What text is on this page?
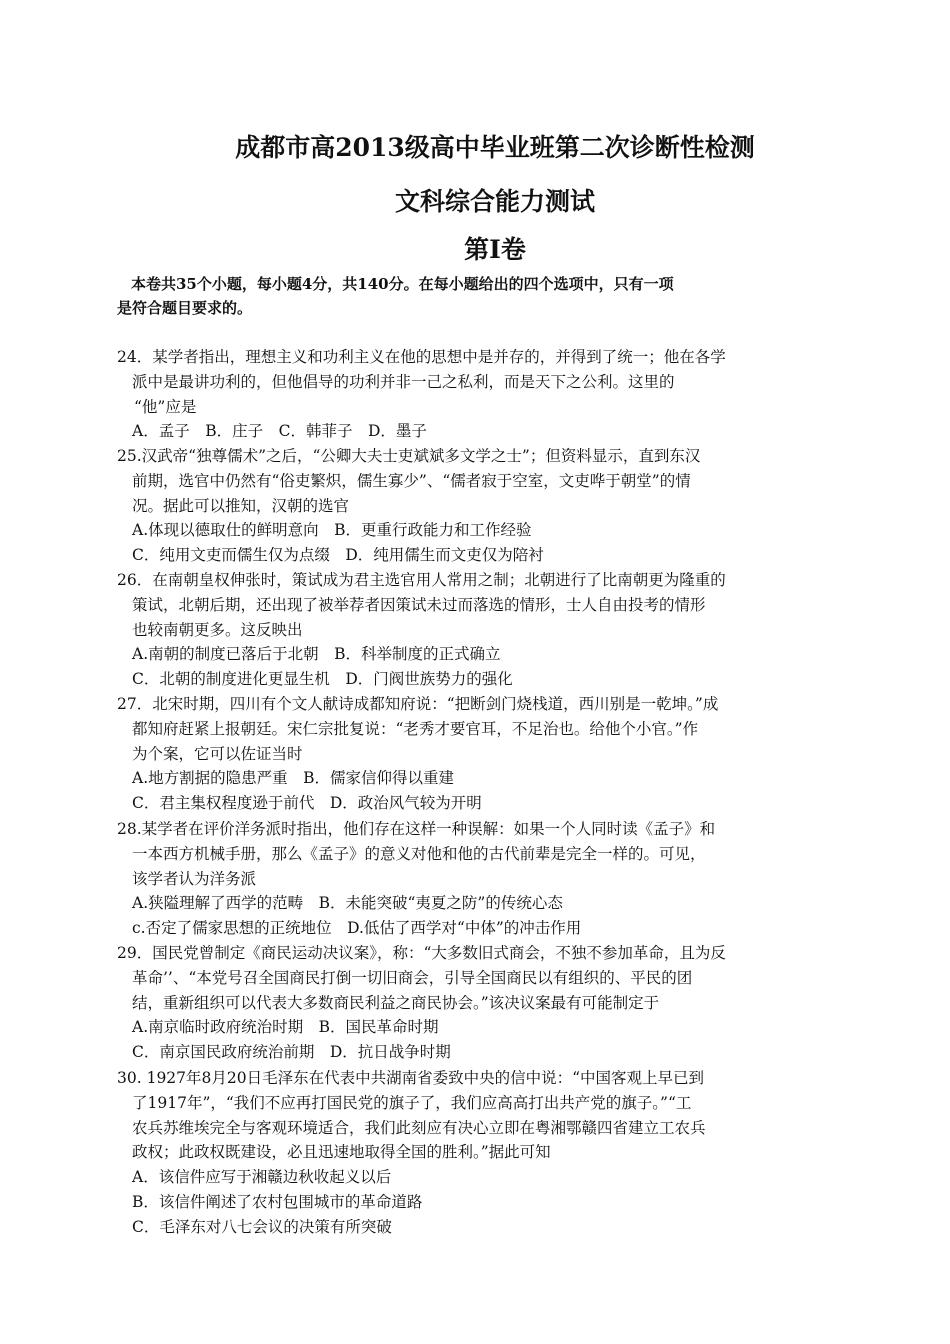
成都市高2013级高中毕业班第二次诊断性检测
文科综合能力测试
第I卷
本卷共35个小题，每小题4分，共140分。在每小题给出的四个选项中，只有一项
是符合题目要求的。
24．某学者指出，理想主义和功利主义在他的思想中是并存的，并得到了统一；他在各学
派中是最讲功利的，但他倡导的功利并非一己之私利，而是天下之公利。这里的
“他”应是
A．孟子　B．庄子　C．韩菲子　D．墨子
25.汉武帝“独尊儒术”之后，“公卿大夫士吏斌斌多文学之士”；但资料显示，直到东汉
前期，选官中仍然有“俗吏繁炽，儒生寡少”、“儒者寂于空室，文吏哗于朝堂”的情
况。据此可以推知，汉朝的选官
A.体现以德取仕的鲜明意向　B．更重行政能力和工作经验
C．纯用文吏而儒生仅为点缀　D．纯用儒生而文吏仅为陪衬
26．在南朝皇权伸张时，策试成为君主选官用人常用之制；北朝进行了比南朝更为隆重的
策试，北朝后期，还出现了被举荐者因策试未过而落选的情形，士人自由投考的情形
也较南朝更多。这反映出
A.南朝的制度已落后于北朝　B．科举制度的正式确立
C．北朝的制度进化更显生机　D．门阀世族势力的强化
27．北宋时期，四川有个文人献诗成都知府说：“把断剑门烧栈道，西川别是一乾坤。”成
都知府赶紧上报朝廷。宋仁宗批复说：“老秀才要官耳，不足治也。给他个小官。”作
为个案，它可以佐证当时
A.地方割据的隐患严重　B．儒家信仰得以重建
C．君主集权程度逊于前代　D．政治风气较为开明
28.某学者在评价洋务派时指出，他们存在这样一种误解：如果一个人同时读《孟子》和
一本西方机械手册，那么《孟子》的意义对他和他的古代前辈是完全一样的。可见，
该学者认为洋务派
A.狭隘理解了西学的范畴　B．未能突破“夷夏之防”的传统心态
c.否定了儒家思想的正统地位　D.低估了西学对“中体”的冲击作用
29．国民党曾制定《商民运动决议案》，称：“大多数旧式商会，不独不参加革命，且为反
革命’’、“本党号召全国商民打倒一切旧商会，引导全国商民以有组织的、平民的团
结，重新组织可以代表大多数商民利益之商民协会。”该决议案最有可能制定于
A.南京临时政府统治时期　B．国民革命时期
C．南京国民政府统治前期　D．抗日战争时期
30. 1927年8月20日毛泽东在代表中共湖南省委致中央的信中说：“中国客观上早已到
了1917年”，“我们不应再打国民党的旗子了，我们应高高打出共产党的旗子。”“工
农兵苏维埃完全与客观环境适合，我们此刻应有决心立即在粤湘鄂赣四省建立工农兵
政权；此政权既建设，必且迅速地取得全国的胜利。”据此可知
A．该信件应写于湘赣边秋收起义以后
B．该信件阐述了农村包围城市的革命道路
C．毛泽东对八七会议的决策有所突破
